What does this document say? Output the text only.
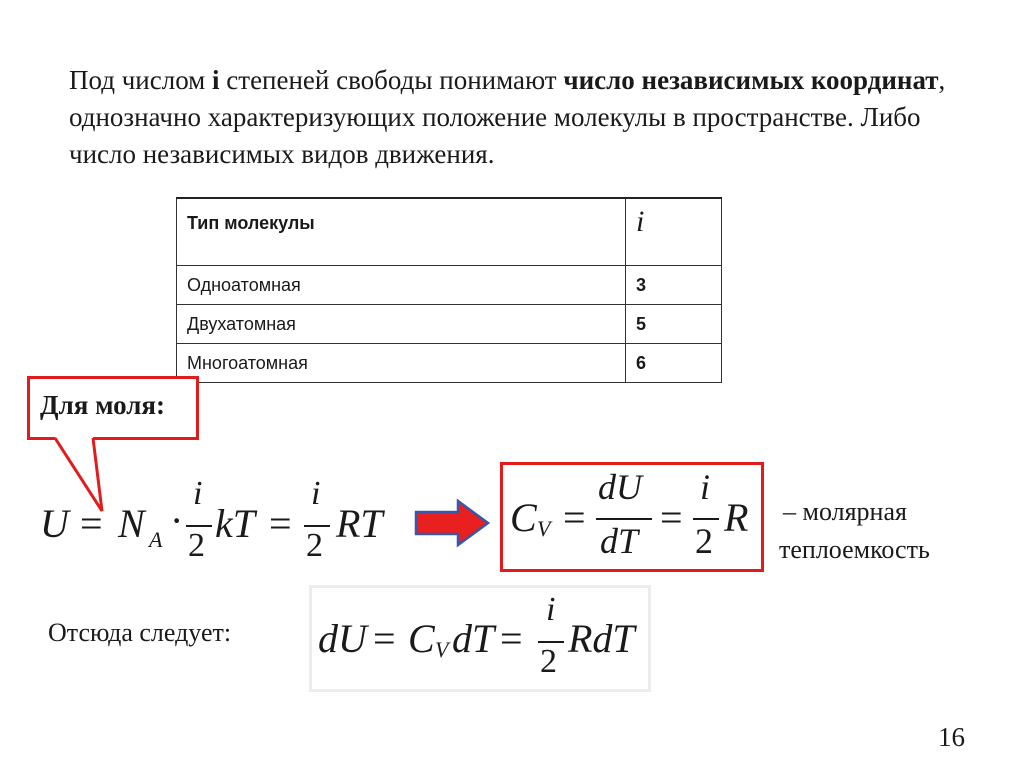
Под числом i степеней свободы понимают число независимых координат, однозначно характеризующих положение молекулы в пространстве. Либо число независимых видов движения.
Тип молекулы	i
Одноатомная	3
Двухатомная	5
Многоатомная	6
Для моля:
U = N A ·
i
2 kT =
i
2 RT	C V =
dU
dT
=
i
2
R – молярная
теплоемкость
Отсюда следует: dU = C V dT =
i
2
RdT
16
